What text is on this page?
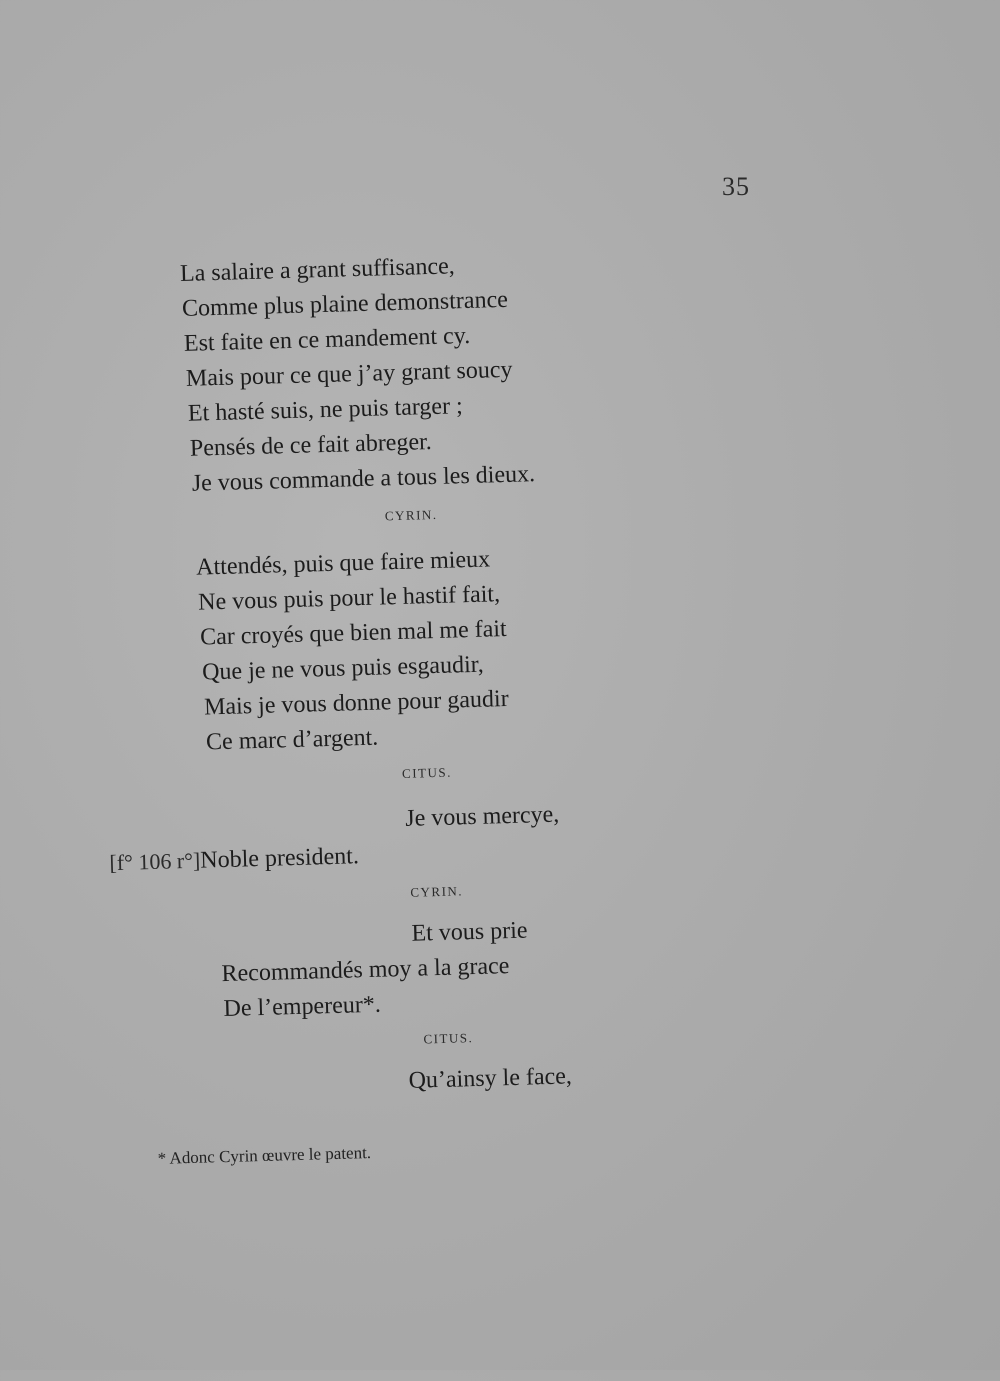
35
La salaire a grant suffisance,
Comme plus plaine demonstrance
Est faite en ce mandement cy.
Mais pour ce que j’ay grant soucy
Et hasté suis, ne puis targer ;
Pensés de ce fait abreger.
Je vous commande a tous les dieux.
CYRIN.
Attendés, puis que faire mieux
Ne vous puis pour le hastif fait,
Car croyés que bien mal me fait
Que je ne vous puis esgaudir,
Mais je vous donne pour gaudir
Ce marc d’argent.
CITUS.
Je vous mercye,
[f° 106 r°]Noble president.
CYRIN.
Et vous prie
Recommandés moy a la grace
De l’empereur*.
CITUS.
Qu’ainsy le face,
* Adonc Cyrin œuvre le patent.
